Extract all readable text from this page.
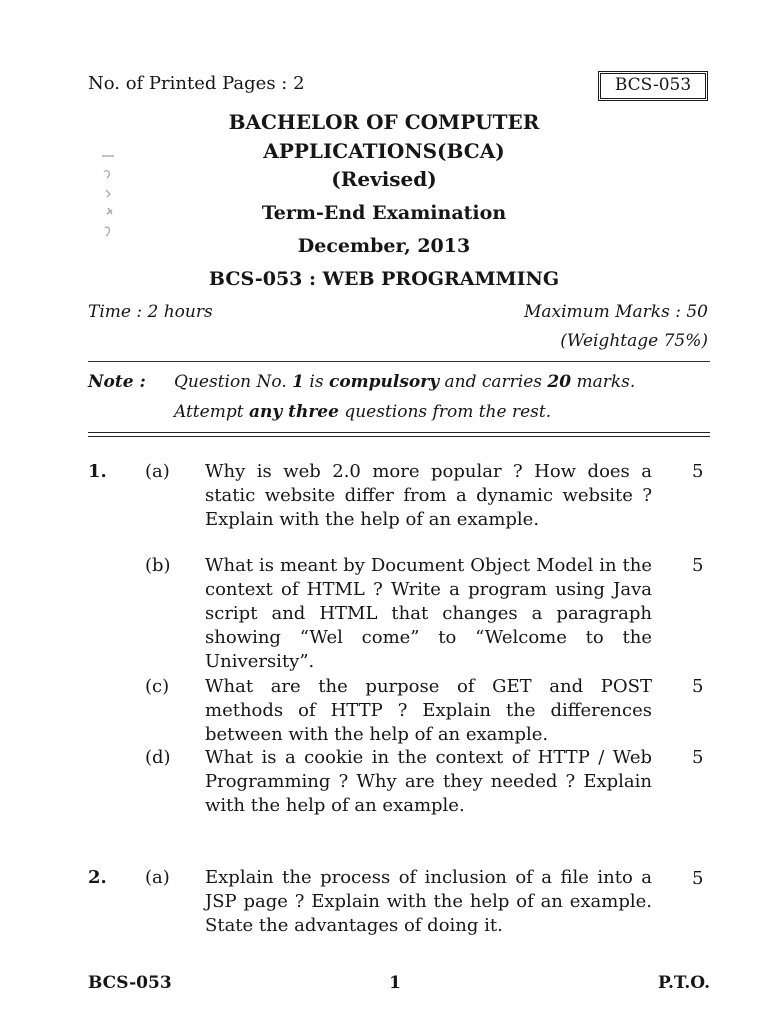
No. of Printed Pages : 2	BCS-053
BACHELOR OF COMPUTER
APPLICATIONS(BCA)
(Revised)
Term-End Examination
December, 2013
BCS-053 : WEB PROGRAMMING
Time : 2 hours	Maximum Marks : 50
(Weightage 75%)
Note : Question No. 1 is compulsory and carries 20 marks.
Attempt any three questions from the rest.
1. (a) Why is web 2.0 more popular ? How does a static website differ from a dynamic website ? Explain with the help of an example.
5
(b) What is meant by Document Object Model in the context of HTML ? Write a program using Java script and HTML that changes a paragraph showing “Wel come” to “Welcome to the University”.
5
(c) What are the purpose of GET and POST methods of HTTP ? Explain the differences between with the help of an example.
5
(d) What is a cookie in the context of HTTP / Web Programming ? Why are they needed ? Explain with the help of an example.
5
2. (a) Explain the process of inclusion of a file into a JSP page ? Explain with the help of an example. State the advantages of doing it.
5
BCS-053	1	P.T.O.
